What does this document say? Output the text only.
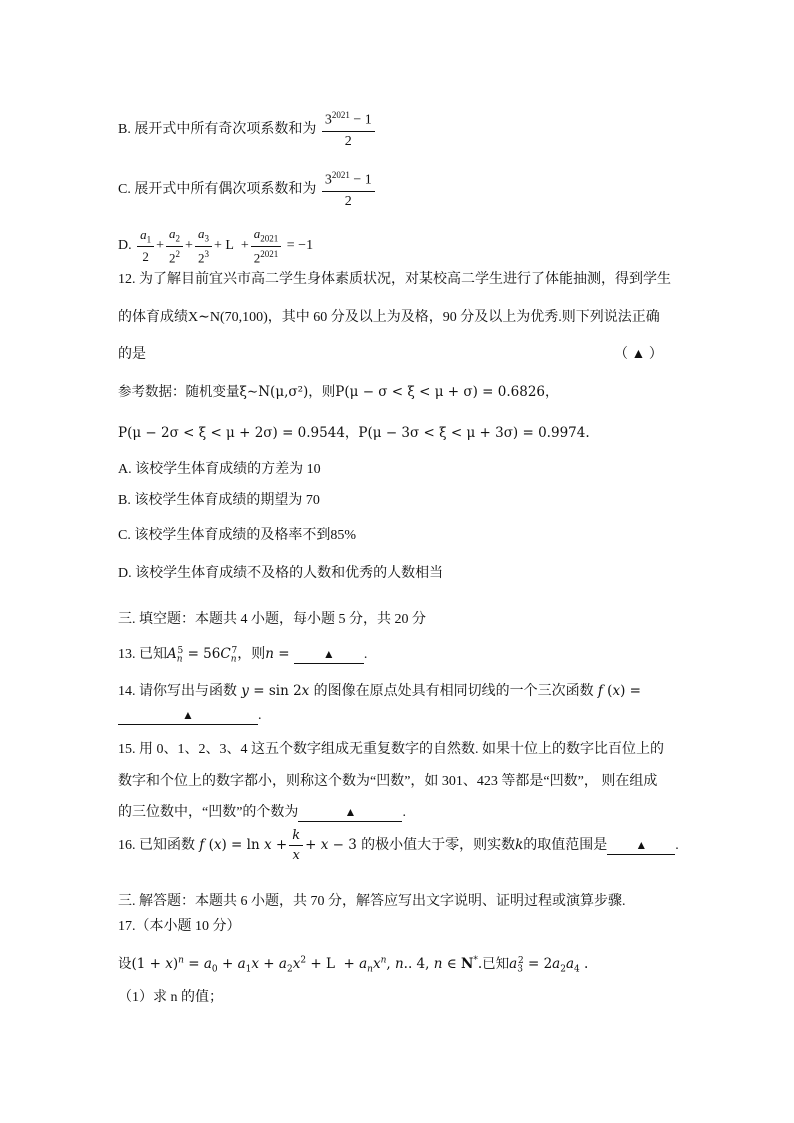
B. 展开式中所有奇次项系数和为 $\frac{3^{2021} - 1}{2}$
C. 展开式中所有偶次项系数和为 $\frac{3^{2021} - 1}{2}$
D. $\frac{a_1}{2} + \frac{a_2}{2^2} + \frac{a_3}{2^3} + L + \frac{a_{2021}}{2^{2021}} = -1$
12. 为了解目前宜兴市高二学生身体素质状况，对某校高二学生进行了体能抽测，得到学生
的体育成绩X∼N(70,100)，其中 60 分及以上为及格，90 分及以上为优秀.则下列说法正确
的是	（ ▲ ）
参考数据：随机变量ξ∼N(μ,σ²)，则P(μ − σ < ξ < μ + σ) = 0.6826，
P(μ − 2σ < ξ < μ + 2σ) = 0.9544，P(μ − 3σ < ξ < μ + 3σ) = 0.9974.
A. 该校学生体育成绩的方差为 10
B. 该校学生体育成绩的期望为 70
C. 该校学生体育成绩的及格率不到85%
D. 该校学生体育成绩不及格的人数和优秀的人数相当
三. 填空题：本题共 4 小题，每小题 5 分，共 20 分
13. 已知$A_n^5 = 56C_n^7$，则n = ▲ .
14. 请你写出与函数 y = sin 2x 的图像在原点处具有相同切线的一个三次函数 f (x) =
▲	.
15. 用 0、1、2、3、4 这五个数字组成无重复数字的自然数. 如果十位上的数字比百位上的
数字和个位上的数字都小，则称这个数为“凹数”，如 301、423 等都是“凹数”， 则在组成
的三位数中，“凹数”的个数为	▲	.
16. 已知函数 f $(x) = \ln x + \frac{k}{x} + x - 3$ 的极小值大于零，则实数k的取值范围是 ▲ .
三. 解答题：本题共 6 小题，共 70 分，解答应写出文字说明、证明过程或演算步骤.
17.（本小题 10 分）
设$(1 + x)^n = a_0 + a_1x + a_2x^2 + L + a_nx^n$, n.. 4, n ∈ N*.已知$a_3^2 = 2a_2a_4$ .
（1）求 n 的值；
